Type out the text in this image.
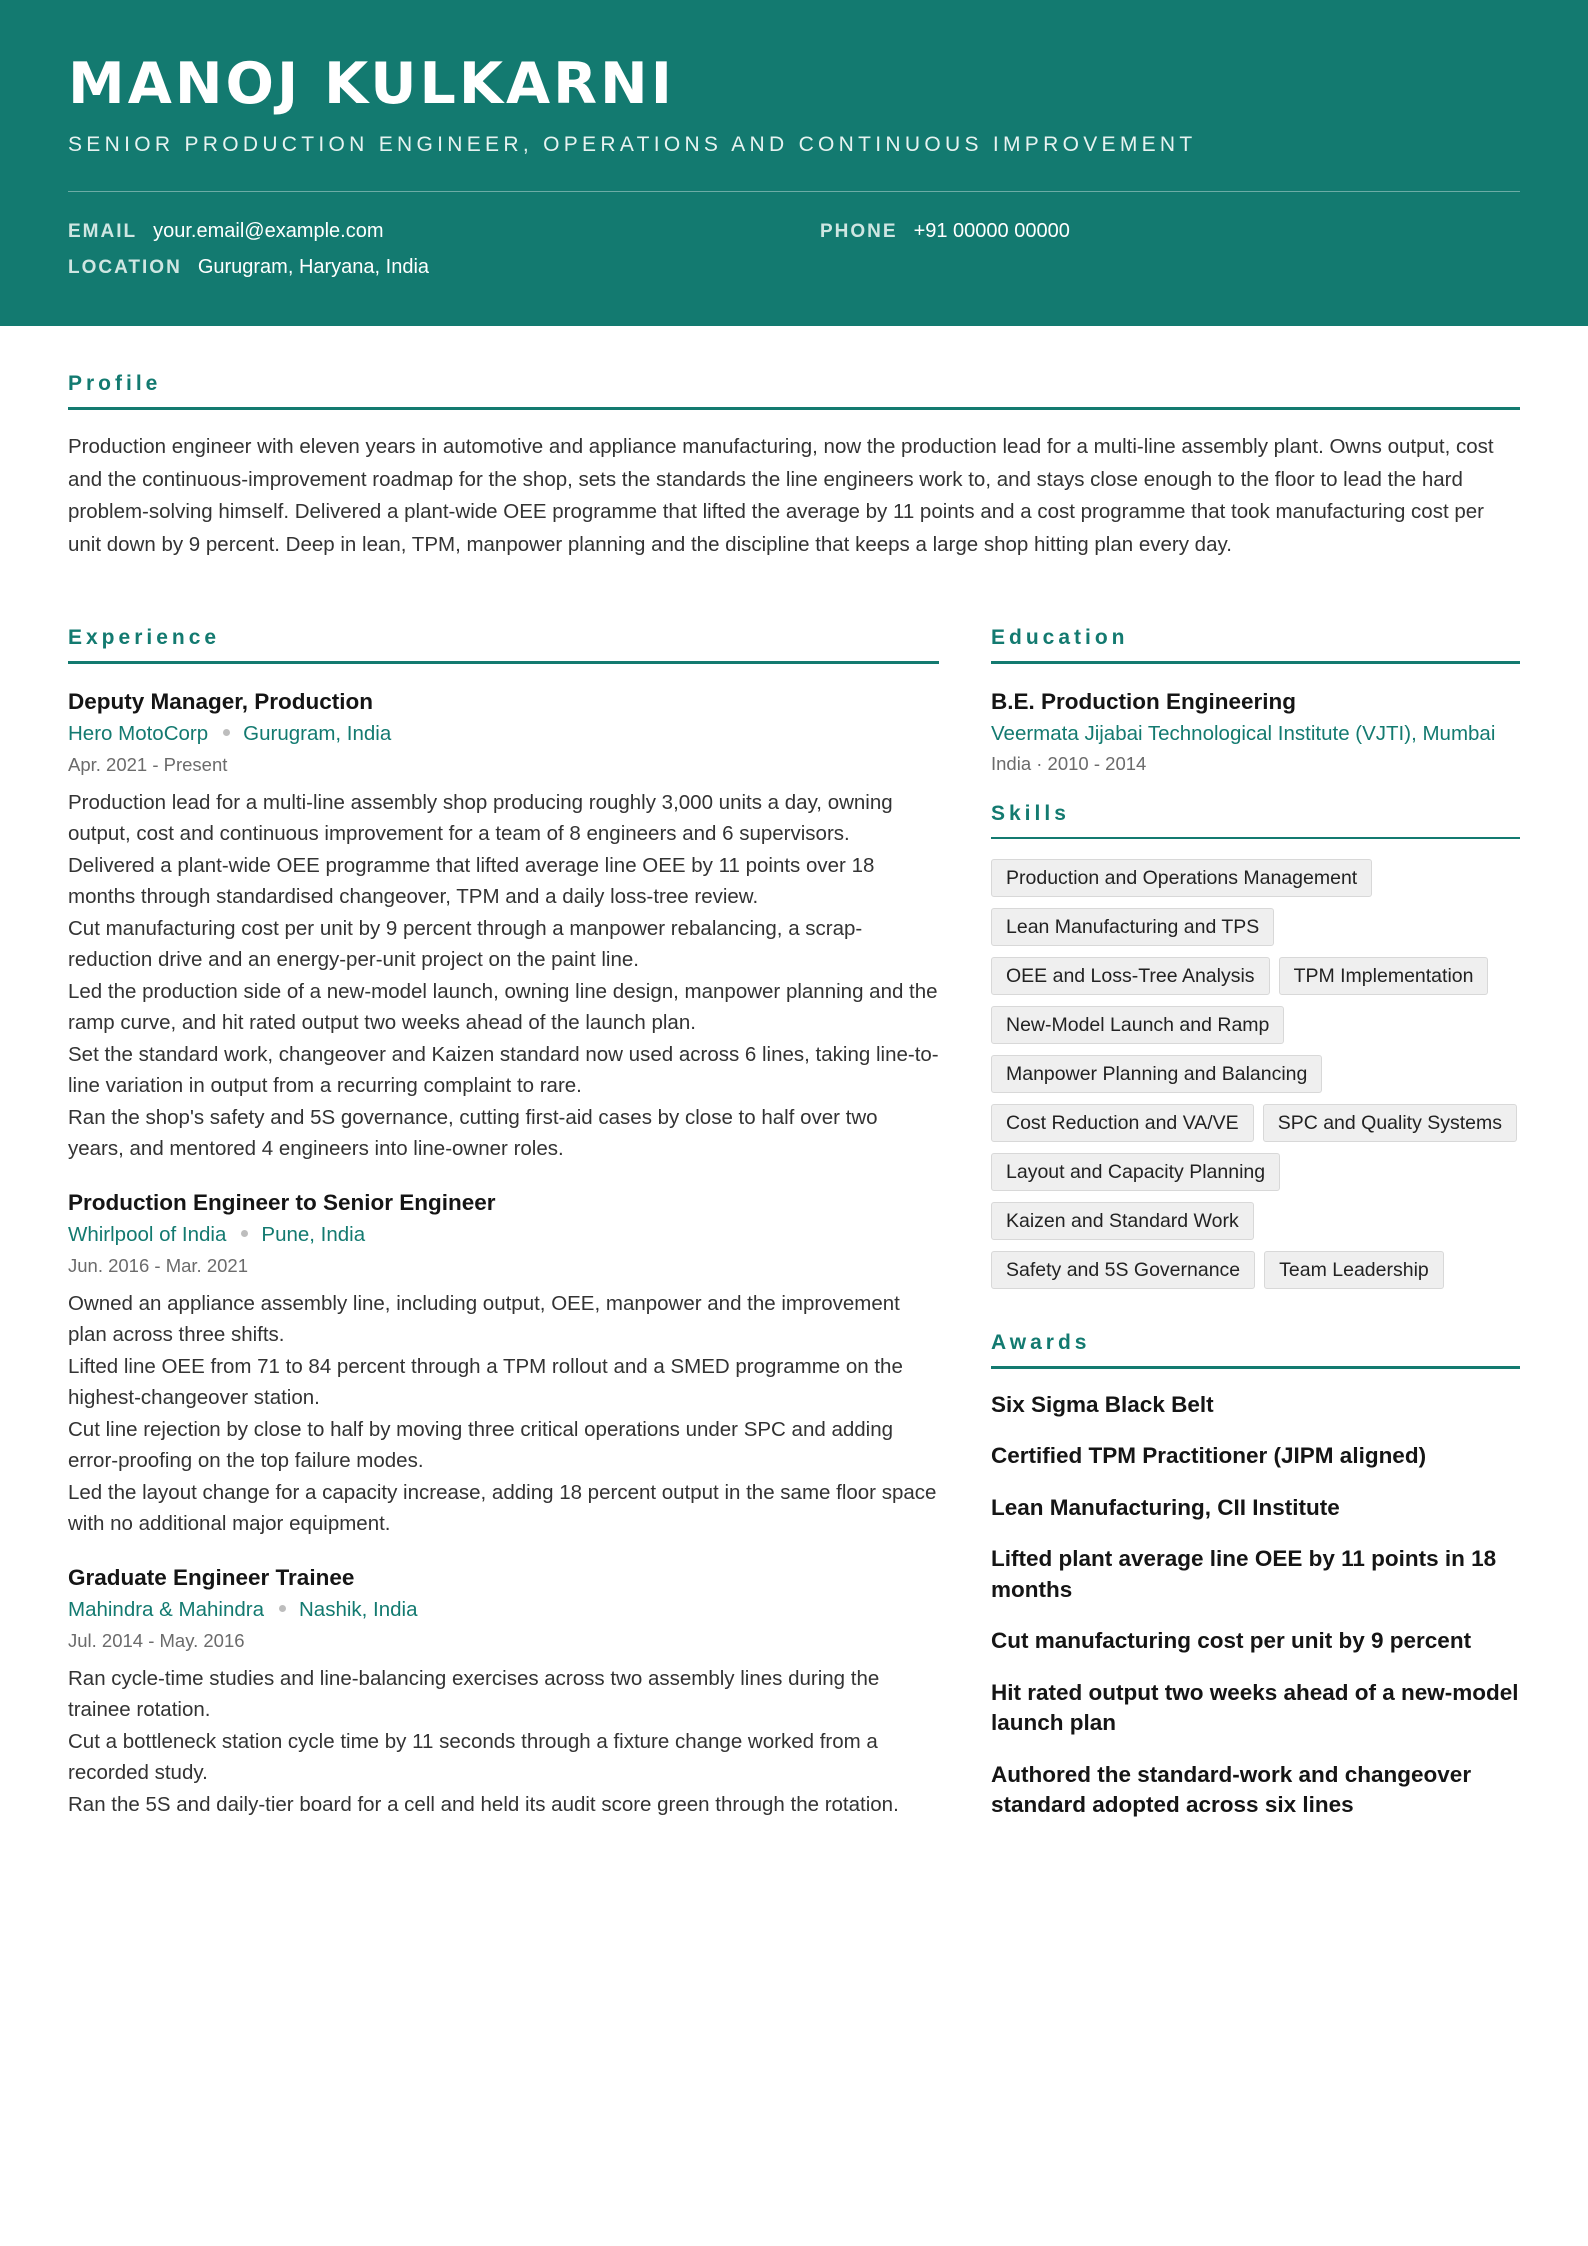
MANOJ KULKARNI
SENIOR PRODUCTION ENGINEER, OPERATIONS AND CONTINUOUS IMPROVEMENT
EMAIL your.email@example.com	PHONE +91 00000 00000
LOCATION Gurugram, Haryana, India
Profile
Production engineer with eleven years in automotive and appliance manufacturing, now the production lead for a multi-line assembly plant. Owns output, cost and the continuous-improvement roadmap for the shop, sets the standards the line engineers work to, and stays close enough to the floor to lead the hard problem-solving himself. Delivered a plant-wide OEE programme that lifted the average by 11 points and a cost programme that took manufacturing cost per unit down by 9 percent. Deep in lean, TPM, manpower planning and the discipline that keeps a large shop hitting plan every day.
Experience
Deputy Manager, Production
Hero MotoCorp Gurugram, India
Apr. 2021 - Present
Production lead for a multi-line assembly shop producing roughly 3,000 units a day, owning output, cost and continuous improvement for a team of 8 engineers and 6 supervisors.
Delivered a plant-wide OEE programme that lifted average line OEE by 11 points over 18 months through standardised changeover, TPM and a daily loss-tree review.
Cut manufacturing cost per unit by 9 percent through a manpower rebalancing, a scrap-reduction drive and an energy-per-unit project on the paint line.
Led the production side of a new-model launch, owning line design, manpower planning and the ramp curve, and hit rated output two weeks ahead of the launch plan.
Set the standard work, changeover and Kaizen standard now used across 6 lines, taking line-to-line variation in output from a recurring complaint to rare.
Ran the shop's safety and 5S governance, cutting first-aid cases by close to half over two years, and mentored 4 engineers into line-owner roles.
Production Engineer to Senior Engineer
Whirlpool of India Pune, India
Jun. 2016 - Mar. 2021
Owned an appliance assembly line, including output, OEE, manpower and the improvement plan across three shifts.
Lifted line OEE from 71 to 84 percent through a TPM rollout and a SMED programme on the highest-changeover station.
Cut line rejection by close to half by moving three critical operations under SPC and adding error-proofing on the top failure modes.
Led the layout change for a capacity increase, adding 18 percent output in the same floor space with no additional major equipment.
Graduate Engineer Trainee
Mahindra & Mahindra Nashik, India
Jul. 2014 - May. 2016
Ran cycle-time studies and line-balancing exercises across two assembly lines during the trainee rotation.
Cut a bottleneck station cycle time by 11 seconds through a fixture change worked from a recorded study.
Ran the 5S and daily-tier board for a cell and held its audit score green through the rotation.
Education
B.E. Production Engineering
Veermata Jijabai Technological Institute (VJTI), Mumbai
India · 2010 - 2014
Skills
Production and Operations Management
Lean Manufacturing and TPS
OEE and Loss-Tree Analysis	TPM Implementation
New-Model Launch and Ramp
Manpower Planning and Balancing
Cost Reduction and VA/VE	SPC and Quality Systems
Layout and Capacity Planning
Kaizen and Standard Work
Safety and 5S Governance	Team Leadership
Awards
Six Sigma Black Belt
Certified TPM Practitioner (JIPM aligned)
Lean Manufacturing, CII Institute
Lifted plant average line OEE by 11 points in 18 months
Cut manufacturing cost per unit by 9 percent
Hit rated output two weeks ahead of a new-model launch plan
Authored the standard-work and changeover standard adopted across six lines
